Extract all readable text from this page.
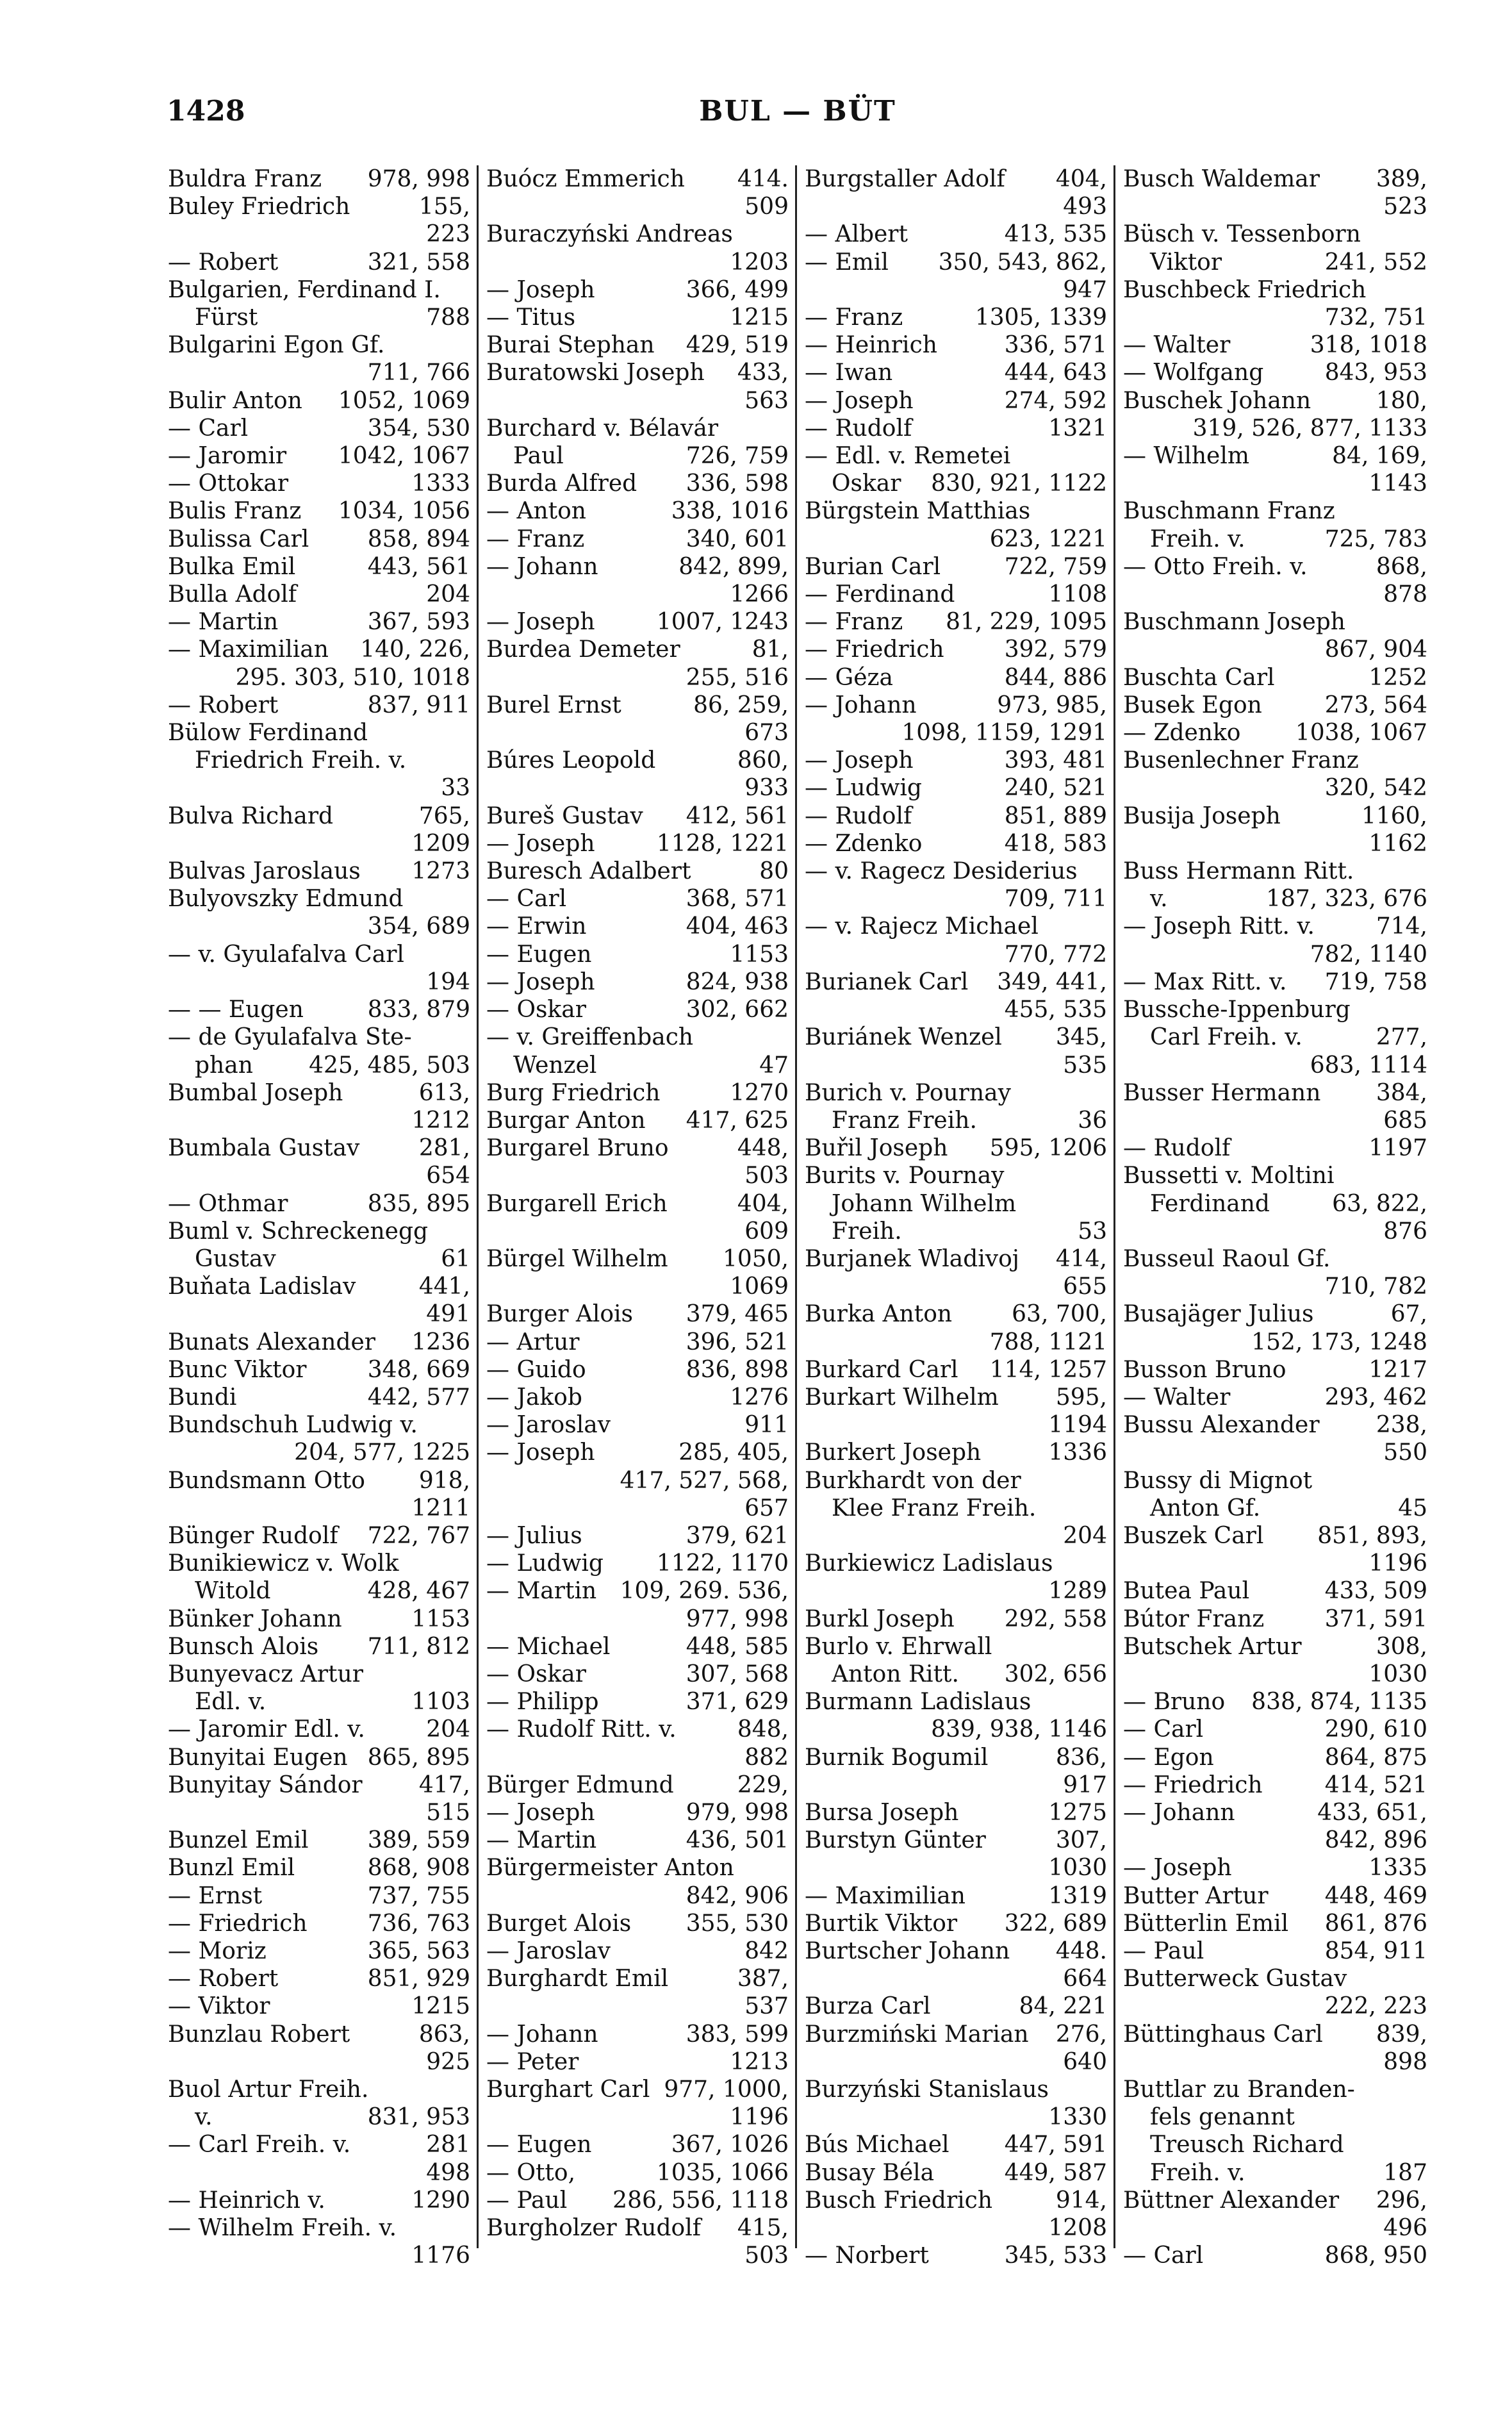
1428	BUL — BÜT
Buldra Franz 978, 998
Buley Friedrich	155,
223
— Robert	321, 558
Bulgarien, Ferdinand I.
Fürst	788
Bulgarini Egon Gf.
711, 766
Bulir Anton 1052, 1069
— Carl	354, 530
— Jaromir 1042, 1067
— Ottokar	1333
Bulis Franz 1034, 1056
Bulissa Carl	858, 894
Bulka Emil	443, 561
Bulla Adolf	204
— Martin	367, 593
— Maximilian 140, 226,
295. 303, 510, 1018
— Robert	837, 911
Bülow Ferdinand
Friedrich Freih. v.
33
Bulva Richard	765,
1209
Bulvas Jaroslaus 1273
Bulyovszky Edmund
354, 689
— v. Gyulafalva Carl
194
— — Eugen	833, 879
— de Gyulafalva Ste-
phan 425, 485, 503
Bumbal Joseph	613,
1212
Bumbala Gustav	281,
654
— Othmar	835, 895
Buml v. Schreckenegg
Gustav	61
Buňata Ladislav	441,
491
Bunats Alexander 1236
Bunc Viktor	348, 669
Bundi	442, 577
Bundschuh Ludwig v.
204, 577, 1225
Bundsmann Otto 918,
1211
Bünger Rudolf 722, 767
Bunikiewicz v. Wolk
Witold	428, 467
Bünker Johann	1153
Bunsch Alois 711, 812
Bunyevacz Artur
Edl. v.	1103
— Jaromir Edl. v.	204
Bunyitai Eugen 865, 895
Bunyitay Sándor 417,
515
Bunzel Emil	389, 559
Bunzl Emil	868, 908
— Ernst	737, 755
— Friedrich	736, 763
— Moriz	365, 563
— Robert	851, 929
— Viktor	1215
Bunzlau Robert	863,
925
Buol Artur Freih.
v.	831, 953
— Carl Freih. v.	281
498
— Heinrich v.	1290
— Wilhelm Freih. v.
1176
Buócz Emmerich 414.
509
Buraczyński Andreas
1203
— Joseph	366, 499
— Titus	1215
Burai Stephan 429, 519
Buratowski Joseph 433,
563
Burchard v. Bélavár
Paul	726, 759
Burda Alfred 336, 598
— Anton	338, 1016
— Franz	340, 601
— Johann	842, 899,
1266
— Joseph	1007, 1243
Burdea Demeter	81,
255, 516
Burel Ernst	86, 259,
673
Búres Leopold	860,
933
Bureš Gustav 412, 561
— Joseph	1128, 1221
Buresch Adalbert	80
— Carl	368, 571
— Erwin	404, 463
— Eugen	1153
— Joseph	824, 938
— Oskar	302, 662
— v. Greiffenbach
Wenzel	47
Burg Friedrich	1270
Burgar Anton 417, 625
Burgarel Bruno	448,
503
Burgarell Erich	404,
609
Bürgel Wilhelm 1050,
1069
Burger Alois 379, 465
— Artur	396, 521
— Guido	836, 898
— Jakob	1276
— Jaroslav	911
— Joseph	285, 405,
417, 527, 568,
657
— Julius	379, 621
— Ludwig 1122, 1170
— Martin 109, 269. 536,
977, 998
— Michael	448, 585
— Oskar	307, 568
— Philipp	371, 629
— Rudolf Ritt. v.	848,
882
Bürger Edmund	229,
— Joseph	979, 998
— Martin	436, 501
Bürgermeister Anton
842, 906
Burget Alois 355, 530
— Jaroslav	842
Burghardt Emil	387,
537
— Johann	383, 599
— Peter	1213
Burghart Carl 977, 1000,
1196
— Eugen	367, 1026
— Otto,	1035, 1066
— Paul 286, 556, 1118
Burgholzer Rudolf 415,
503
Burgstaller Adolf 404,
493
— Albert	413, 535
— Emil 350, 543, 862,
947
— Franz	1305, 1339
— Heinrich	336, 571
— Iwan	444, 643
— Joseph	274, 592
— Rudolf	1321
— Edl. v. Remetei
Oskar 830, 921, 1122
Bürgstein Matthias
623, 1221
Burian Carl	722, 759
— Ferdinand	1108
— Franz 81, 229, 1095
— Friedrich	392, 579
— Géza	844, 886
— Johann	973, 985,
1098, 1159, 1291
— Joseph	393, 481
— Ludwig	240, 521
— Rudolf	851, 889
— Zdenko	418, 583
— v. Ragecz Desiderius
709, 711
— v. Rajecz Michael
770, 772
Burianek Carl 349, 441,
455, 535
Buriánek Wenzel 345,
535
Burich v. Pournay
Franz Freih.	36
Buřil Joseph 595, 1206
Burits v. Pournay
Johann Wilhelm
Freih.	53
Burjanek Wladivoj 414,
655
Burka Anton	63, 700,
788, 1121
Burkard Carl 114, 1257
Burkart Wilhelm 595,
1194
Burkert Joseph	1336
Burkhardt von der
Klee Franz Freih.
204
Burkiewicz Ladislaus
1289
Burkl Joseph 292, 558
Burlo v. Ehrwall
Anton Ritt. 302, 656
Burmann Ladislaus
839, 938, 1146
Burnik Bogumil	836,
917
Bursa Joseph	1275
Burstyn Günter	307,
1030
— Maximilian	1319
Burtik Viktor 322, 689
Burtscher Johann 448.
664
Burza Carl	84, 221
Burzmiński Marian 276,
640
Burzyński Stanislaus
1330
Bús Michael 447, 591
Busay Béla	449, 587
Busch Friedrich	914,
1208
— Norbert	345, 533
Busch Waldemar 389,
523
Büsch v. Tessenborn
Viktor	241, 552
Buschbeck Friedrich
732, 751
— Walter	318, 1018
— Wolfgang	843, 953
Buschek Johann	180,
319, 526, 877, 1133
— Wilhelm	84, 169,
1143
Buschmann Franz
Freih. v.	725, 783
— Otto Freih. v.	868,
878
Buschmann Joseph
867, 904
Buschta Carl	1252
Busek Egon	273, 564
— Zdenko 1038, 1067
Busenlechner Franz
320, 542
Busija Joseph	1160,
1162
Buss Hermann Ritt.
v.	187, 323, 676
— Joseph Ritt. v.	714,
782, 1140
— Max Ritt. v. 719, 758
Bussche-Ippenburg
Carl Freih. v.	277,
683, 1114
Busser Hermann 384,
685
— Rudolf	1197
Bussetti v. Moltini
Ferdinand	63, 822,
876
Busseul Raoul Gf.
710, 782
Busajäger Julius	67,
152, 173, 1248
Busson Bruno	1217
— Walter	293, 462
Bussu Alexander 238,
550
Bussy di Mignot
Anton Gf.	45
Buszek Carl 851, 893,
1196
Butea Paul	433, 509
Bútor Franz	371, 591
Butschek Artur	308,
1030
— Bruno 838, 874, 1135
— Carl	290, 610
— Egon	864, 875
— Friedrich	414, 521
— Johann	433, 651,
842, 896
— Joseph	1335
Butter Artur 448, 469
Bütterlin Emil 861, 876
— Paul	854, 911
Butterweck Gustav
222, 223
Büttinghaus Carl 839,
898
Buttlar zu Branden-
fels genannt
Treusch Richard
Freih. v.	187
Büttner Alexander 296,
496
— Carl	868, 950
